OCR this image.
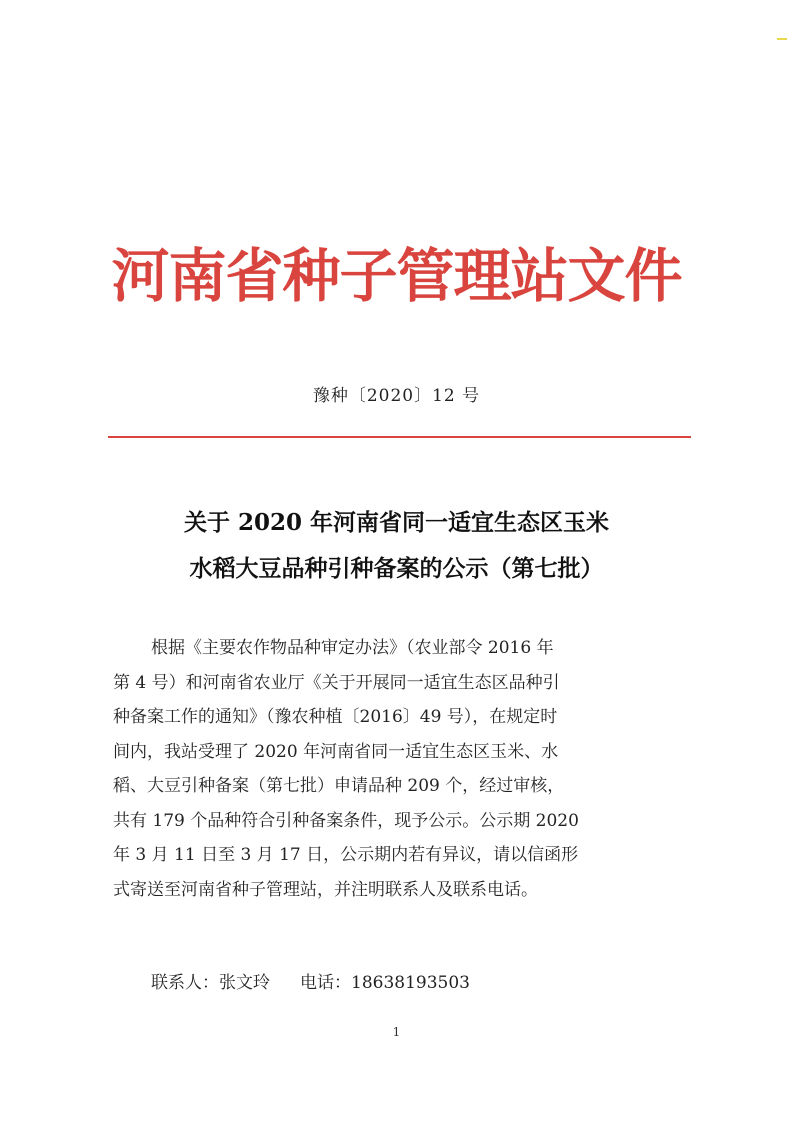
河南省种子管理站文件
豫种〔2020〕12 号
关于 2020 年河南省同一适宜生态区玉米
水稻大豆品种引种备案的公示（第七批）
根据《主要农作物品种审定办法》（农业部令 2016 年
第 4 号）和河南省农业厅《关于开展同一适宜生态区品种引
种备案工作的通知》（豫农种植〔2016〕49 号），在规定时
间内，我站受理了 2020 年河南省同一适宜生态区玉米、水
稻、大豆引种备案（第七批）申请品种 209 个，经过审核，
共有 179 个品种符合引种备案条件，现予公示。公示期 2020
年 3 月 11 日至 3 月 17 日，公示期内若有异议，请以信函形
式寄送至河南省种子管理站，并注明联系人及联系电话。
联系人：张文玲 电话：18638193503
1
